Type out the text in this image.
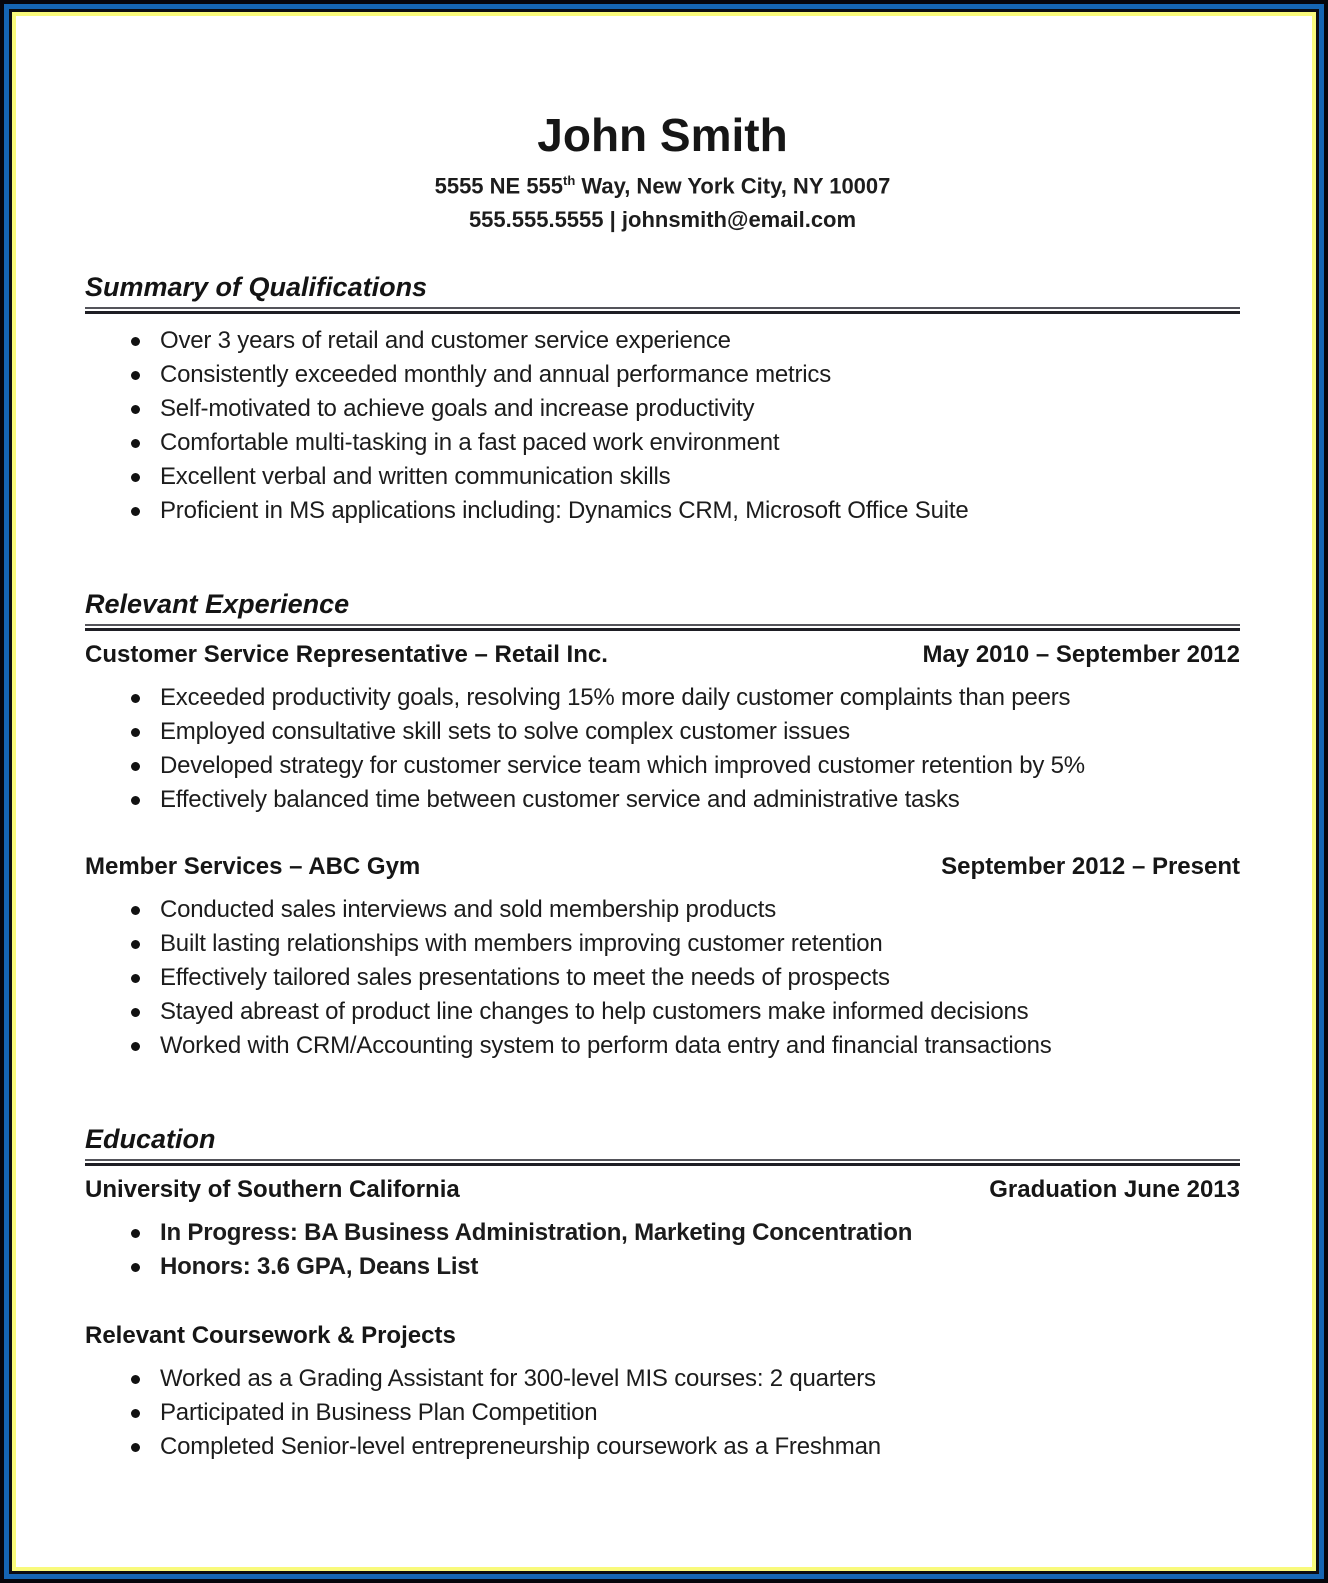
John Smith

5555 NE 555th Way, New York City, NY 10007

555.555.5555 | johnsmith@email.com

Summary of Qualifications
Over 3 years of retail and customer service experience
Consistently exceeded monthly and annual performance metrics
Self-motivated to achieve goals and increase productivity
Comfortable multi-tasking in a fast paced work environment
Excellent verbal and written communication skills
Proficient in MS applications including: Dynamics CRM, Microsoft Office Suite
Relevant Experience
Customer Service Representative – Retail Inc.	May 2010 – September 2012
Exceeded productivity goals, resolving 15% more daily customer complaints than peers
Employed consultative skill sets to solve complex customer issues
Developed strategy for customer service team which improved customer retention by 5%
Effectively balanced time between customer service and administrative tasks
Member Services – ABC Gym	September 2012 – Present
Conducted sales interviews and sold membership products
Built lasting relationships with members improving customer retention
Effectively tailored sales presentations to meet the needs of prospects
Stayed abreast of product line changes to help customers make informed decisions
Worked with CRM/Accounting system to perform data entry and financial transactions
Education
University of Southern California	Graduation June 2013
In Progress: BA Business Administration, Marketing Concentration
Honors: 3.6 GPA, Deans List
Relevant Coursework & Projects
Worked as a Grading Assistant for 300-level MIS courses: 2 quarters
Participated in Business Plan Competition
Completed Senior-level entrepreneurship coursework as a Freshman
